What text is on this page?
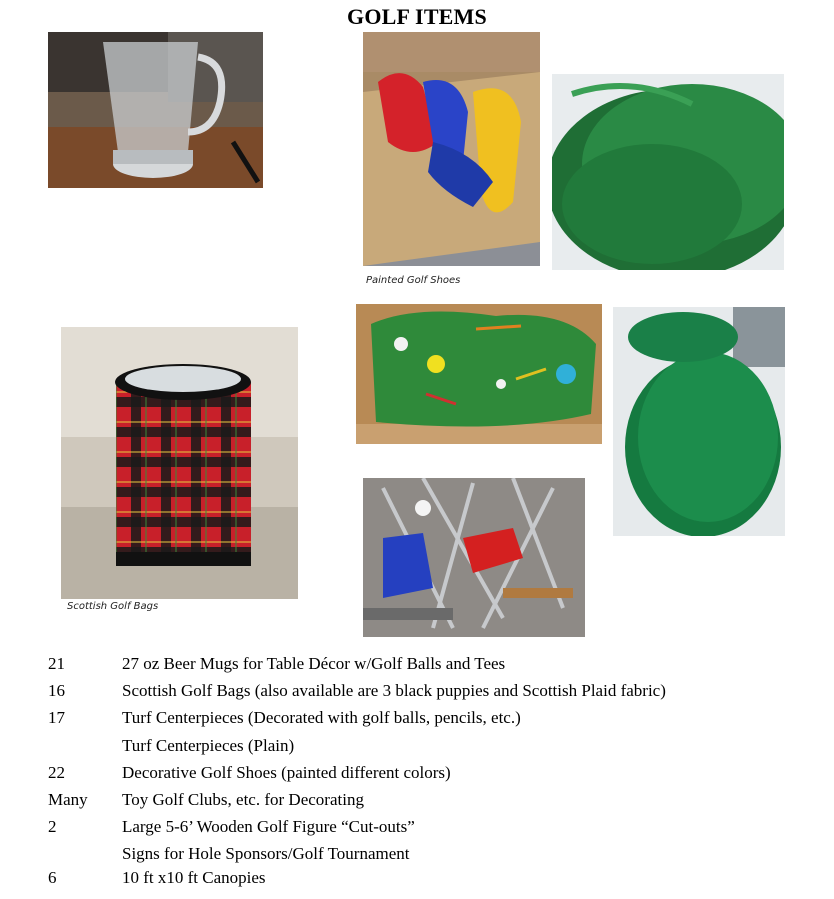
GOLF ITEMS
Painted Golf Shoes
Scottish Golf Bags
21	27 oz Beer Mugs for Table Décor w/Golf Balls and Tees
16	Scottish Golf Bags (also available are 3 black puppies and Scottish Plaid fabric)
17	Turf Centerpieces (Decorated with golf balls, pencils, etc.)
Turf Centerpieces (Plain)
22	Decorative Golf Shoes (painted different colors)
Many Toy Golf Clubs, etc. for Decorating
2	Large 5-6’ Wooden Golf Figure “Cut-outs”
Signs for Hole Sponsors/Golf Tournament
6	10 ft x10 ft Canopies
